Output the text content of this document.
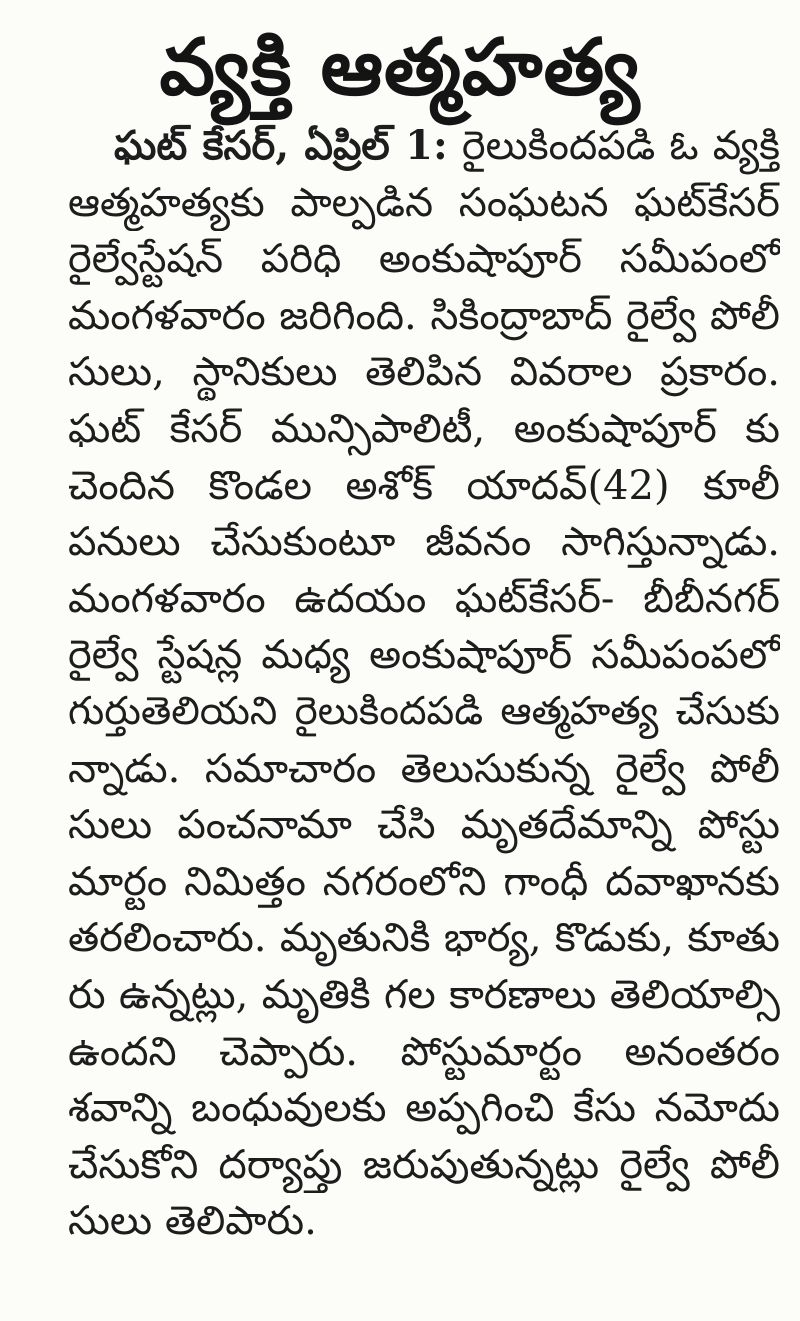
వ్యక్తి ఆత్మహత్య
ఘట్ కేసర్, ఏప్రిల్ 1: రైలుకిందపడి ఓ వ్యక్తి
ఆత్మహత్యకు పాల్పడిన సంఘటన ఘట్‌కేసర్
రైల్వేస్టేషన్ పరిధి అంకుషాపూర్ సమీపంలో
మంగళవారం జరిగింది. సికింద్రాబాద్ రైల్వే పోలీ
సులు, స్థానికులు తెలిపిన వివరాల ప్రకారం.
ఘట్ కేసర్ మున్సిపాలిటీ, అంకుషాపూర్ కు
చెందిన కొండల అశోక్ యాదవ్(42) కూలీ
పనులు చేసుకుంటూ జీవనం సాగిస్తున్నాడు.
మంగళవారం ఉదయం ఘట్‌కేసర్- బీబీనగర్
రైల్వే స్టేషన్ల మధ్య అంకుషాపూర్ సమీపంపలో
గుర్తుతెలియని రైలుకిందపడి ఆత్మహత్య చేసుకు
న్నాడు. సమాచారం తెలుసుకున్న రైల్వే పోలీ
సులు పంచనామా చేసి మృతదేమాన్ని పోస్టు
మార్టం నిమిత్తం నగరంలోని గాంధీ దవాఖానకు
తరలించారు. మృతునికి భార్య, కొడుకు, కూతు
రు ఉన్నట్లు, మృతికి గల కారణాలు తెలియాల్సి
ఉందని చెప్పారు. పోస్టుమార్టం అనంతరం
శవాన్ని బంధువులకు అప్పగించి కేసు నమోదు
చేసుకోని దర్యాప్తు జరుపుతున్నట్లు రైల్వే పోలీ
సులు తెలిపారు.
